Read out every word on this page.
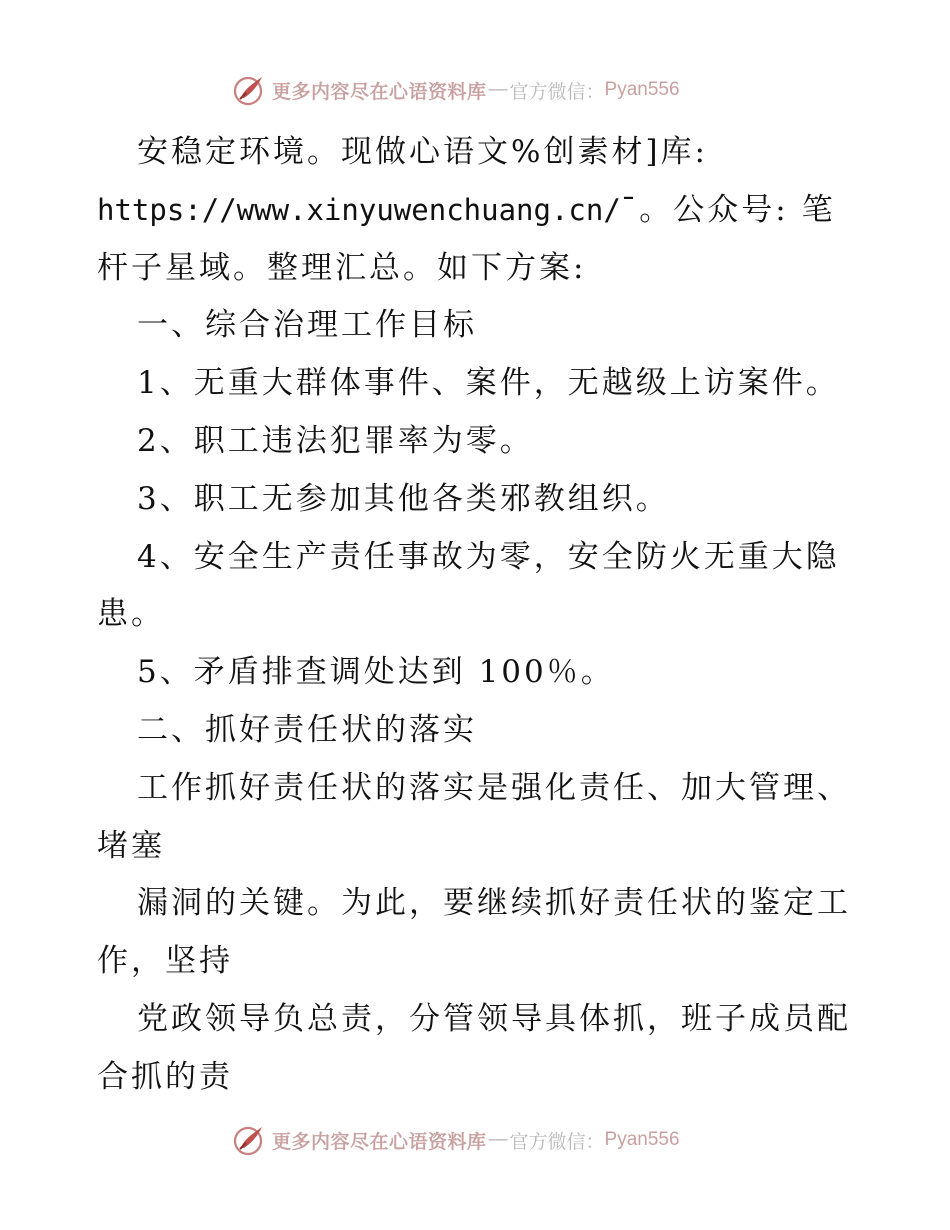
更多内容尽在心语资料库 — 官方微信： Pyan556
安稳定环境。现做心语文%创素材]库:
https://www.xinyuwenchuang.cn/¯。公众号: 笔
杆子星域。整理汇总。如下方案:
一、综合治理工作目标
1、无重大群体事件、案件，无越级上访案件。
2、职工违法犯罪率为零。
3、职工无参加其他各类邪教组织。
4、安全生产责任事故为零，安全防火无重大隐
患。
5、矛盾排查调处达到 100％。
二、抓好责任状的落实
工作抓好责任状的落实是强化责任、加大管理、
堵塞
漏洞的关键。为此，要继续抓好责任状的鉴定工
作，坚持
党政领导负总责，分管领导具体抓，班子成员配
合抓的责
更多内容尽在心语资料库 — 官方微信： Pyan556
